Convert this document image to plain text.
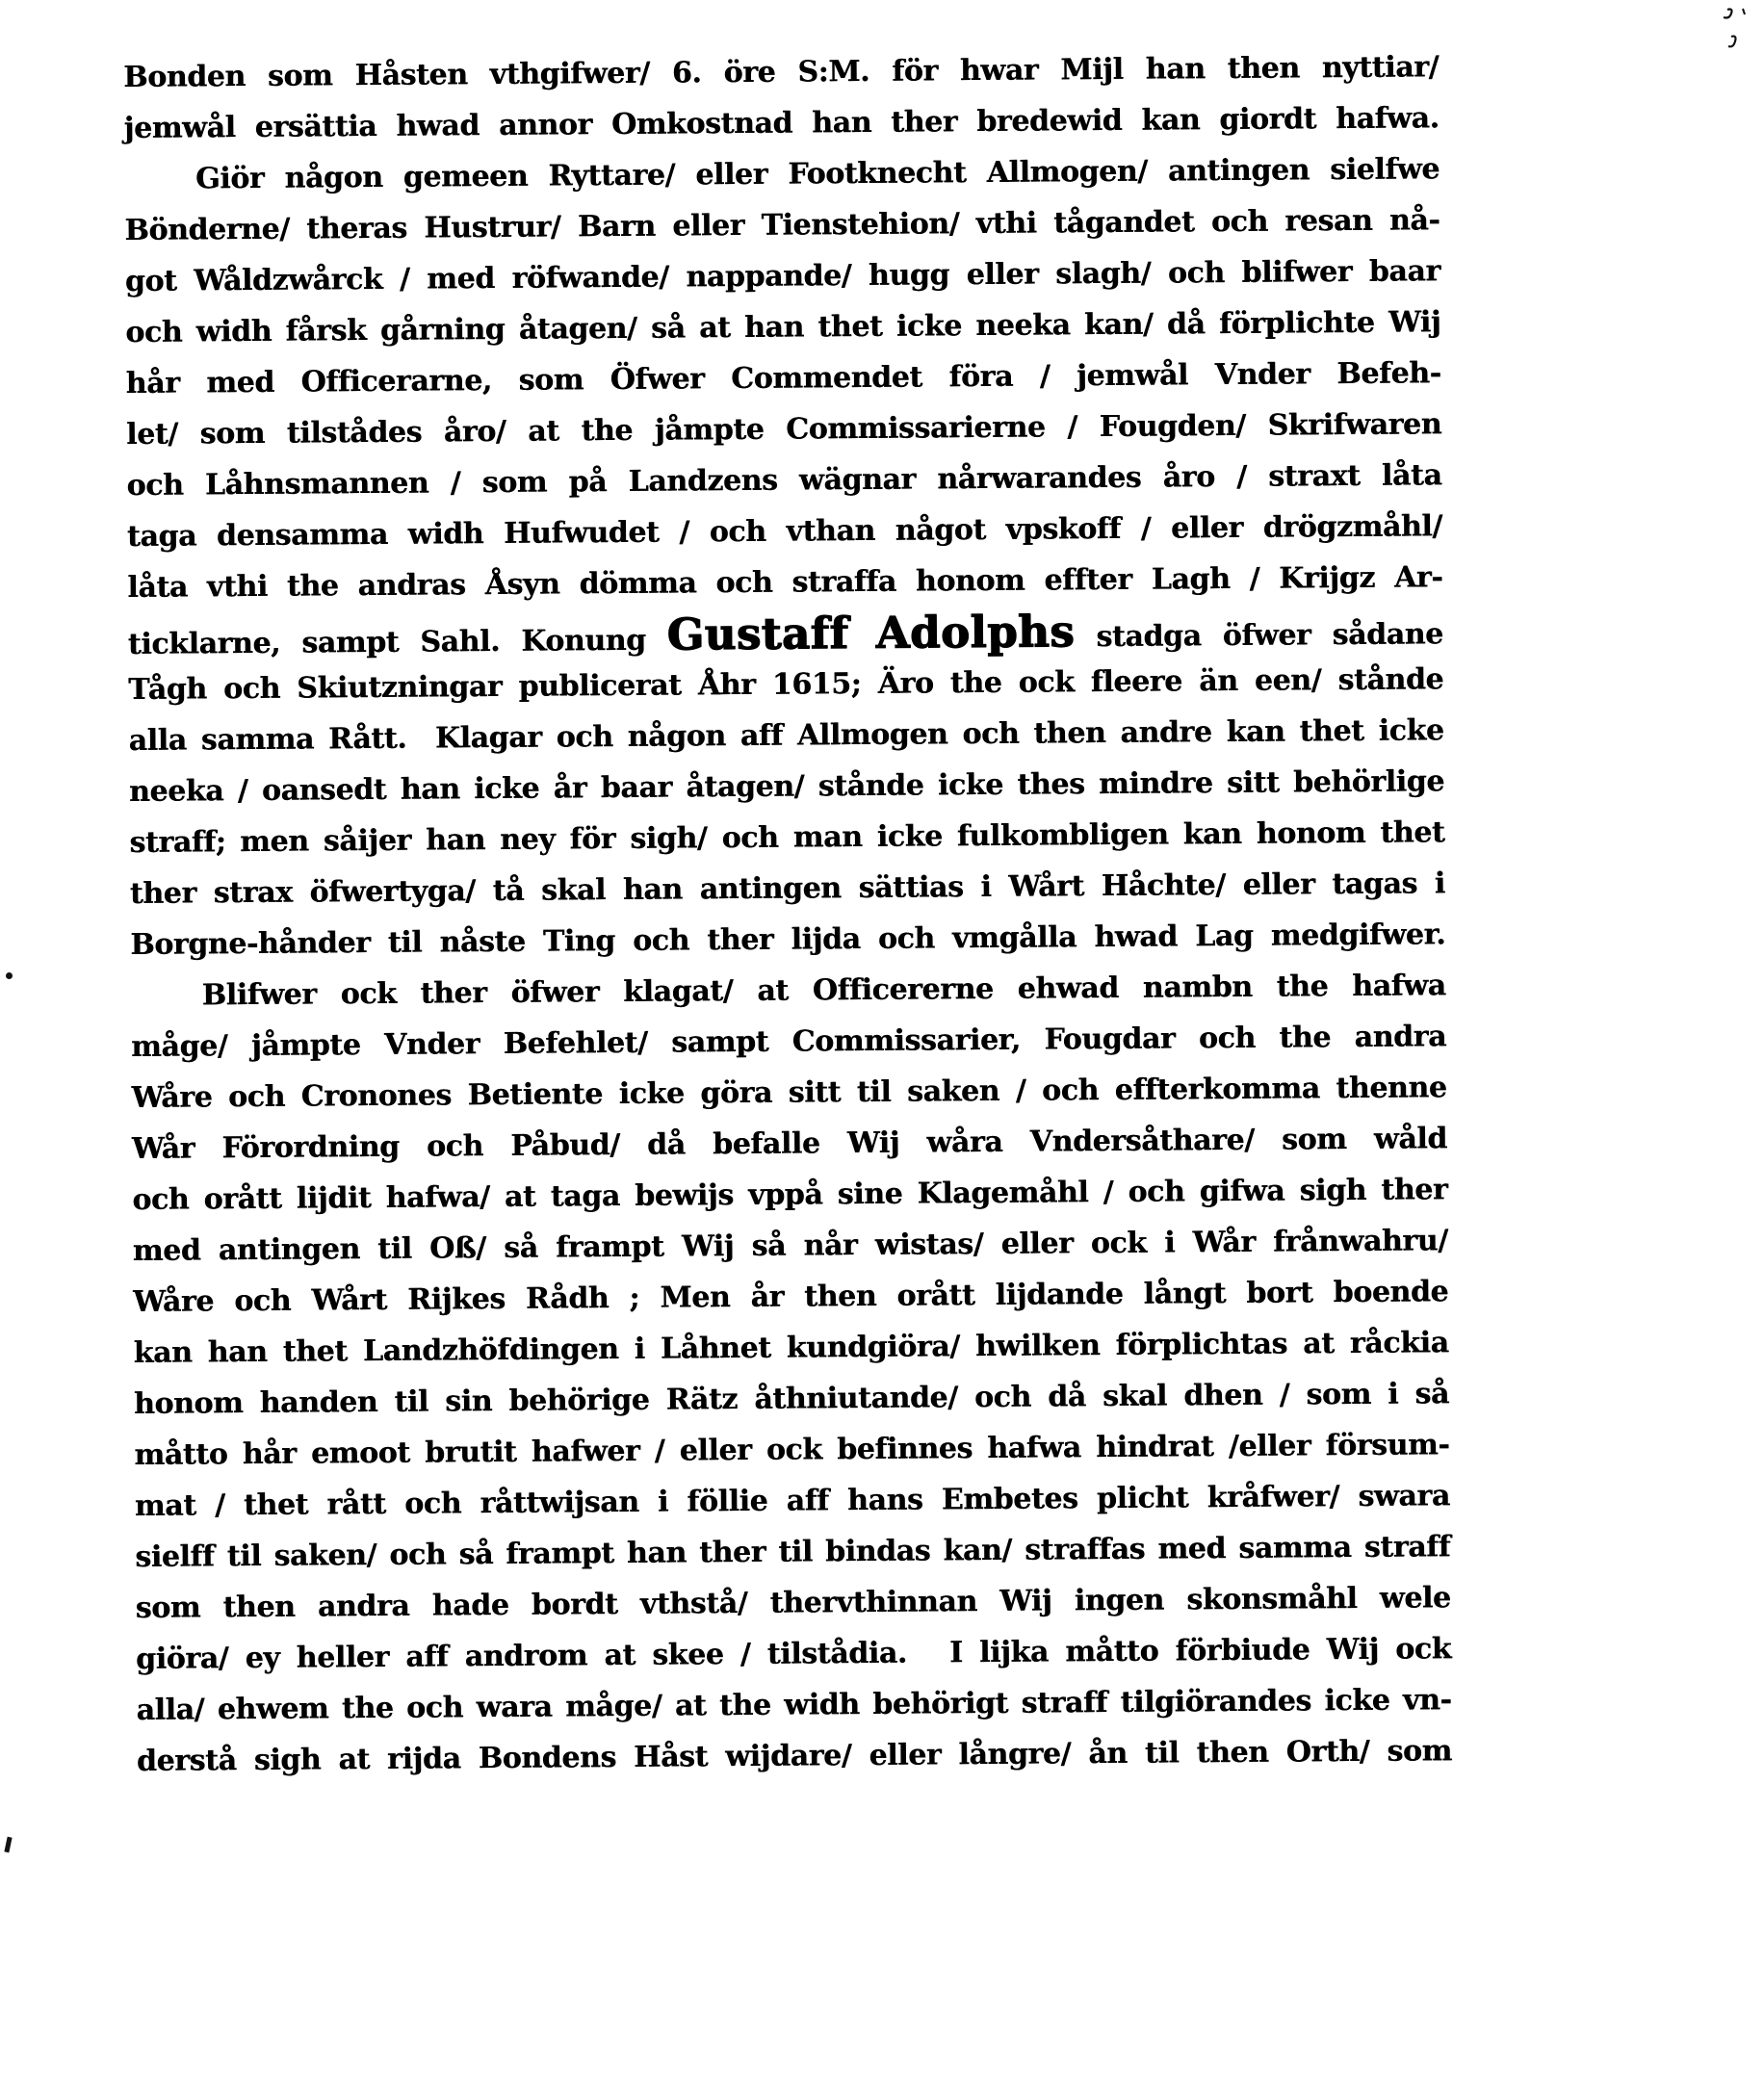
Bonden som Håsten vthgifwer/ 6. öre S:M. för hwar Mijl han then nyttiar/
jemwål ersättia hwad annor Omkostnad han ther bredewid kan giordt hafwa.
Giör någon gemeen Ryttare/ eller Footknecht Allmogen/ antingen sielfwe
Bönderne/ theras Hustrur/ Barn eller Tienstehion/ vthi tågandet och resan nå-
got Wåldzwårck / med röfwande/ nappande/ hugg eller slagh/ och blifwer baar
och widh fårsk gårning åtagen/ så at han thet icke neeka kan/ då förplichte Wij
hår med Officerarne, som Öfwer Commendet föra / jemwål Vnder Befeh-
let/ som tilstådes åro/ at the jåmpte Commissarierne / Fougden/ Skrifwaren
och Låhnsmannen / som på Landzens wägnar nårwarandes åro / straxt låta
taga densamma widh Hufwudet / och vthan något vpskoff / eller drögzmåhl/
låta vthi the andras Åsyn dömma och straffa honom effter Lagh / Krijgz Ar-
ticklarne, sampt Sahl. Konung Gustaff Adolphs stadga öfwer sådane
Tågh och Skiutzningar publicerat Åhr 1615; Äro the ock fleere än een/ stånde
alla samma Rått. Klagar och någon aff Allmogen och then andre kan thet icke
neeka / oansedt han icke år baar åtagen/ stånde icke thes mindre sitt behörlige
straff; men såijer han ney för sigh/ och man icke fulkombligen kan honom thet
ther strax öfwertyga/ tå skal han antingen sättias i Wårt Håchte/ eller tagas i
Borgne-hånder til nåste Ting och ther lijda och vmgålla hwad Lag medgifwer.
Blifwer ock ther öfwer klagat/ at Officererne ehwad nambn the hafwa
måge/ jåmpte Vnder Befehlet/ sampt Commissarier, Fougdar och the andra
Wåre och Cronones Betiente icke göra sitt til saken / och effterkomma thenne
Wår Förordning och Påbud/ då befalle Wij wåra Vndersåthare/ som wåld
och orått lijdit hafwa/ at taga bewijs vppå sine Klagemåhl / och gifwa sigh ther
med antingen til Oß/ så frampt Wij så når wistas/ eller ock i Wår frånwahru/
Wåre och Wårt Rijkes Rådh ; Men år then orått lijdande långt bort boende
kan han thet Landzhöfdingen i Låhnet kundgiöra/ hwilken förplichtas at råckia
honom handen til sin behörige Rätz åthniutande/ och då skal dhen / som i så
måtto hår emoot brutit hafwer / eller ock befinnes hafwa hindrat /eller försum-
mat / thet rått och råttwijsan i föllie aff hans Embetes plicht kråfwer/ swara
sielff til saken/ och så frampt han ther til bindas kan/ straffas med samma straff
som then andra hade bordt vthstå/ thervthinnan Wij ingen skonsmåhl wele
giöra/ ey heller aff androm at skee / tilstådia.  I lijka måtto förbiude Wij ock
alla/ ehwem the och wara måge/ at the widh behörigt straff tilgiörandes icke vn-
derstå sigh at rijda Bondens Håst wijdare/ eller långre/ ån til then Orth/ som
